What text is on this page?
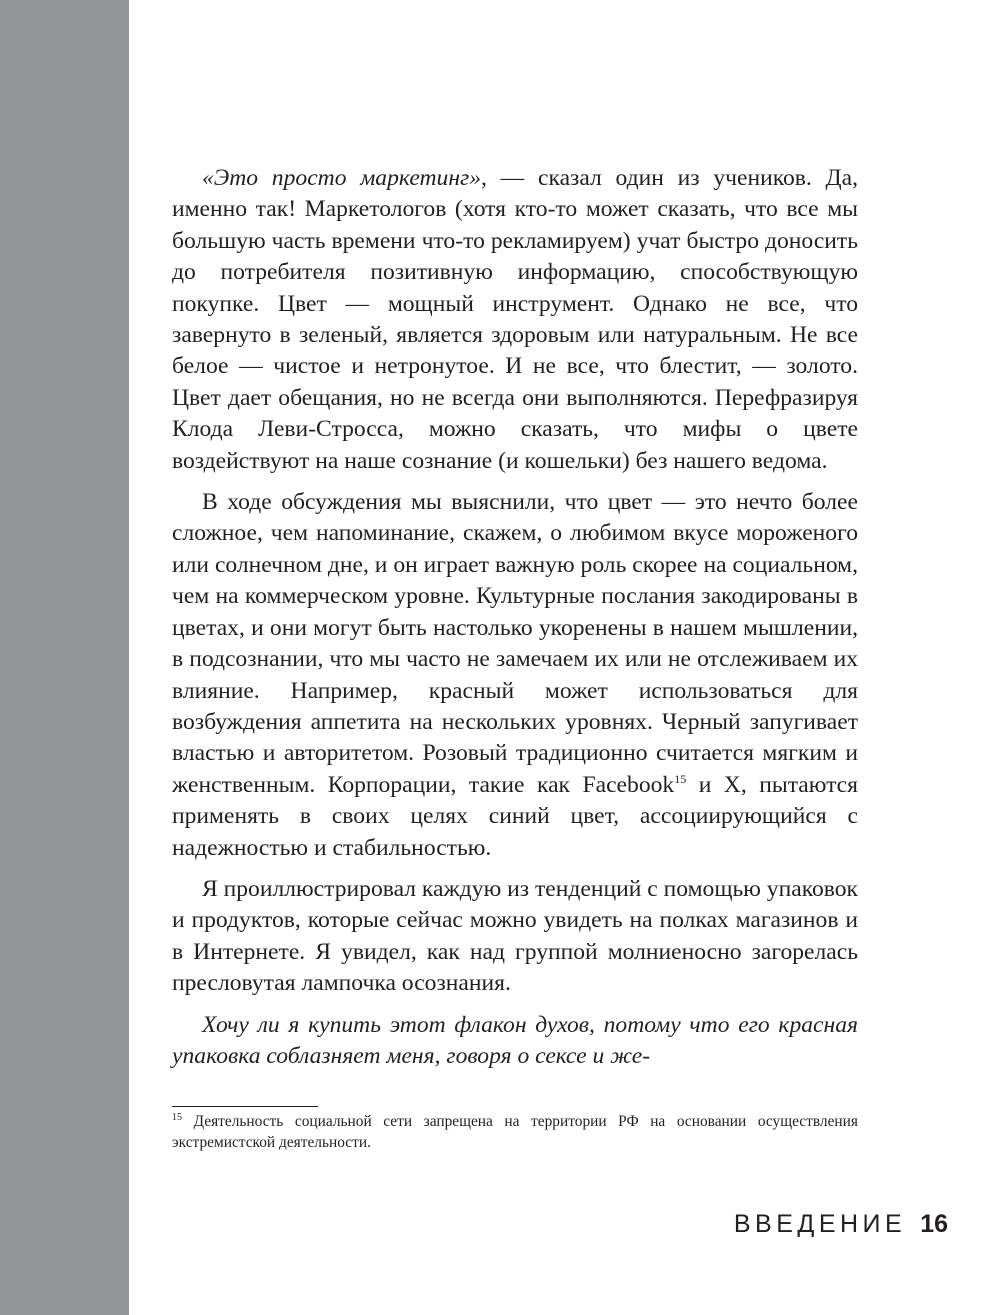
«Это просто маркетинг», — сказал один из учеников. Да, именно так! Маркетологов (хотя кто-то может сказать, что все мы большую часть времени что-то рекламируем) учат быстро доносить до потребителя позитивную информацию, способствующую покупке. Цвет — мощный инструмент. Однако не все, что завернуто в зеленый, является здоровым или натуральным. Не все белое — чистое и нетронутое. И не все, что блестит, — золото. Цвет дает обещания, но не всегда они выполняются. Перефразируя Клода Леви-Стросса, можно сказать, что мифы о цвете воздействуют на наше сознание (и кошельки) без нашего ведома.

В ходе обсуждения мы выяснили, что цвет — это нечто более сложное, чем напоминание, скажем, о любимом вкусе мороженого или солнечном дне, и он играет важную роль скорее на социальном, чем на коммерческом уровне. Культурные послания закодированы в цветах, и они могут быть настолько укоренены в нашем мышлении, в подсознании, что мы часто не замечаем их или не отслеживаем их влияние. Например, красный может использоваться для возбуждения аппетита на нескольких уровнях. Черный запугивает властью и авторитетом. Розовый традиционно считается мягким и женственным. Корпорации, такие как Facebook$^{15}$ и X, пытаются применять в своих целях синий цвет, ассоциирующийся с надежностью и стабильностью.

Я проиллюстрировал каждую из тенденций с помощью упаковок и продуктов, которые сейчас можно увидеть на полках магазинов и в Интернете. Я увидел, как над группой молниеносно загорелась пресловутая лампочка осознания.

Хочу ли я купить этот флакон духов, потому что его красная упаковка соблазняет меня, говоря о сексе и же-

$^{15}$ Деятельность социальной сети запрещена на территории РФ на основании осуществления экстремистской деятельности.
ВВЕДЕНИЕ 16
